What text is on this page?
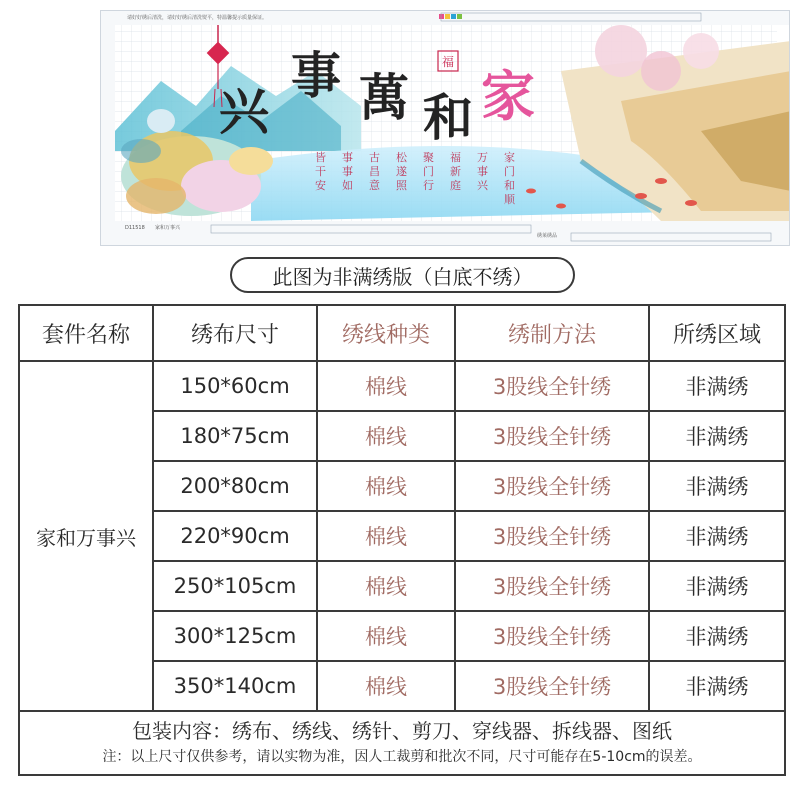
请好好绣后清洗，请好好绣后清洗熨平，特温馨提示质量保证。
兴
事 萬 和 家
福
皆干安
事事如
古昌意
松遂照
聚门行
福新庭
万事兴
家门和顺
D11518 家和万事兴
绣莱绣品
此图为非满绣版（白底不绣）
套件名称	绣布尺寸	绣线种类	绣制方法	所绣区域
家和万事兴	150*60cm	棉线	3股线全针绣	非满绣
	180*75cm	棉线	3股线全针绣	非满绣
	200*80cm	棉线	3股线全针绣	非满绣
	220*90cm	棉线	3股线全针绣	非满绣
	250*105cm	棉线	3股线全针绣	非满绣
	300*125cm	棉线	3股线全针绣	非满绣
	350*140cm	棉线	3股线全针绣	非满绣

包装内容：绣布、绣线、绣针、剪刀、穿线器、拆线器、图纸
注：以上尺寸仅供参考，请以实物为准，因人工裁剪和批次不同，尺寸可能存在5-10cm的误差。				
